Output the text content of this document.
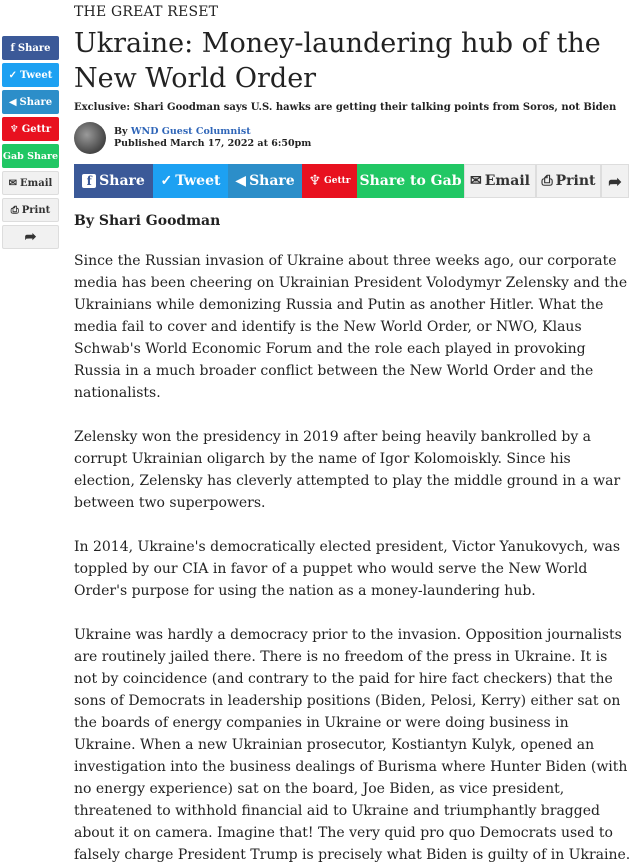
f Share
✓ Tweet
◀ Share
♆ Gettr
Gab Share
✉ Email
⎙ Print
➦
THE GREAT RESET
Ukraine: Money-laundering hub of the New World Order
Exclusive: Shari Goodman says U.S. hawks are getting their talking points from Soros, not Biden
By WND Guest Columnist
Published March 17, 2022 at 6:50pm
f Share ✓ Tweet ◀ Share ♆ Gettr Share to Gab ✉ Email ⎙ Print ➦
By Shari Goodman

Since the Russian invasion of Ukraine about three weeks ago, our corporate media has been cheering on Ukrainian President Volodymyr Zelensky and the Ukrainians while demonizing Russia and Putin as another Hitler. What the media fail to cover and identify is the New World Order, or NWO, Klaus Schwab's World Economic Forum and the role each played in provoking Russia in a much broader conflict between the New World Order and the nationalists.

Zelensky won the presidency in 2019 after being heavily bankrolled by a corrupt Ukrainian oligarch by the name of Igor Kolomoiskly. Since his election, Zelensky has cleverly attempted to play the middle ground in a war between two superpowers.

In 2014, Ukraine's democratically elected president, Victor Yanukovych, was toppled by our CIA in favor of a puppet who would serve the New World Order's purpose for using the nation as a money-laundering hub.

Ukraine was hardly a democracy prior to the invasion. Opposition journalists are routinely jailed there. There is no freedom of the press in Ukraine. It is not by coincidence (and contrary to the paid for hire fact checkers) that the sons of Democrats in leadership positions (Biden, Pelosi, Kerry) either sat on the boards of energy companies in Ukraine or were doing business in Ukraine. When a new Ukrainian prosecutor, Kostiantyn Kulyk, opened an investigation into the business dealings of Burisma where Hunter Biden (with no energy experience) sat on the board, Joe Biden, as vice president, threatened to withhold financial aid to Ukraine and triumphantly bragged about it on camera. Imagine that! The very quid pro quo Democrats used to falsely charge President Trump is precisely what Biden is guilty of in Ukraine.
